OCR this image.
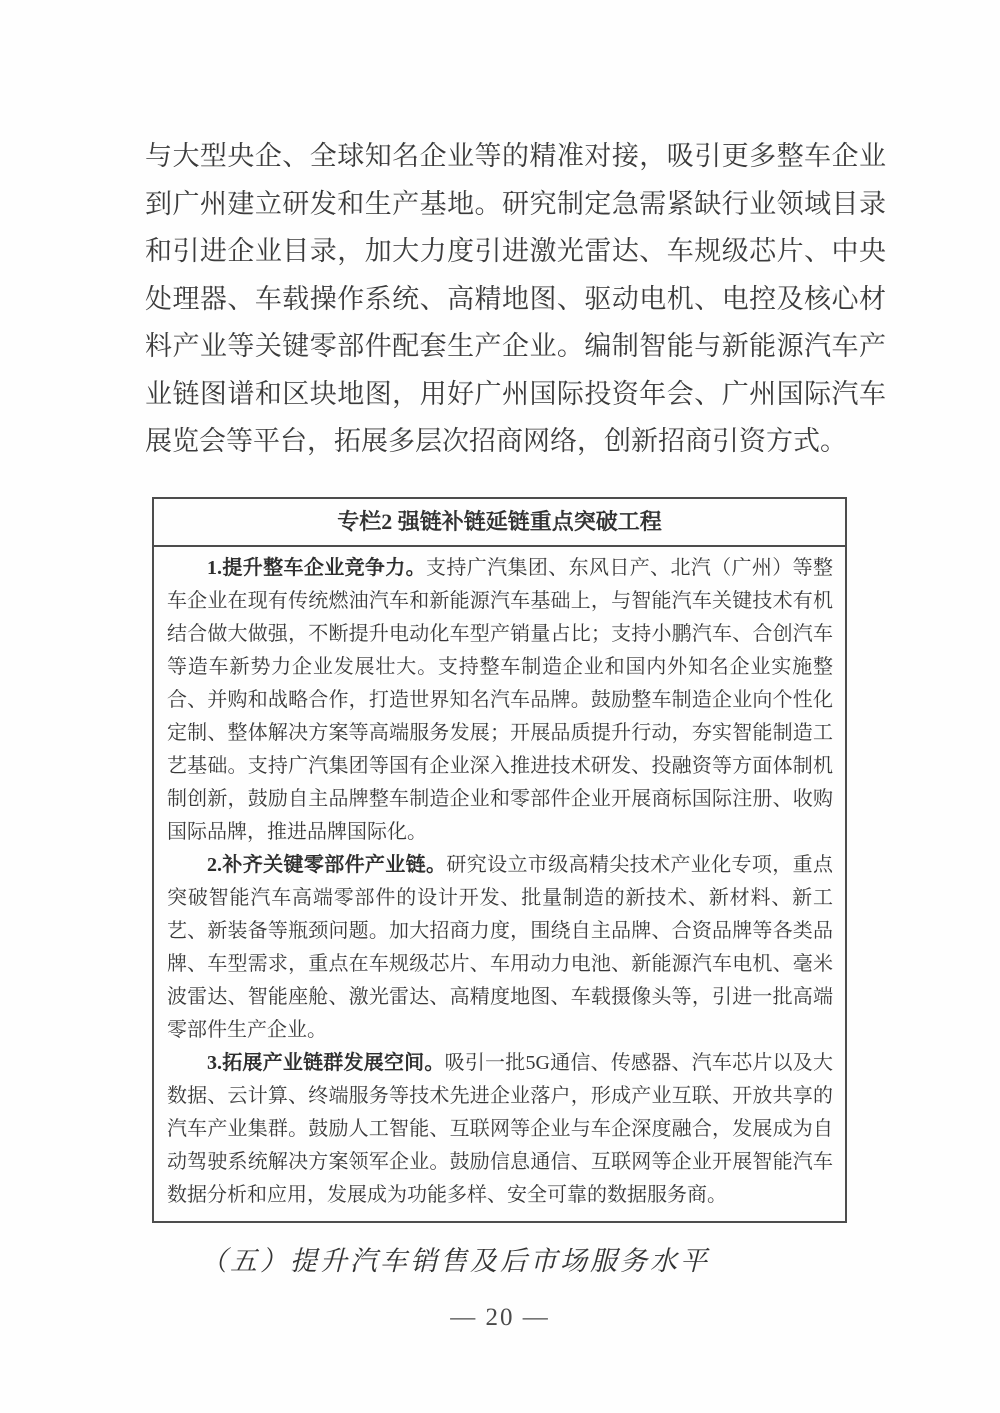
与大型央企、全球知名企业等的精准对接，吸引更多整车企业
到广州建立研发和生产基地。研究制定急需紧缺行业领域目录
和引进企业目录，加大力度引进激光雷达、车规级芯片、中央
处理器、车载操作系统、高精地图、驱动电机、电控及核心材
料产业等关键零部件配套生产企业。编制智能与新能源汽车产
业链图谱和区块地图，用好广州国际投资年会、广州国际汽车
展览会等平台，拓展多层次招商网络，创新招商引资方式。
专栏2 强链补链延链重点突破工程
1.提升整车企业竞争力。支持广汽集团、东风日产、北汽（广州）等整
车企业在现有传统燃油汽车和新能源汽车基础上，与智能汽车关键技术有机
结合做大做强，不断提升电动化车型产销量占比；支持小鹏汽车、合创汽车
等造车新势力企业发展壮大。支持整车制造企业和国内外知名企业实施整
合、并购和战略合作，打造世界知名汽车品牌。鼓励整车制造企业向个性化
定制、整体解决方案等高端服务发展；开展品质提升行动，夯实智能制造工
艺基础。支持广汽集团等国有企业深入推进技术研发、投融资等方面体制机
制创新，鼓励自主品牌整车制造企业和零部件企业开展商标国际注册、收购
国际品牌，推进品牌国际化。
2.补齐关键零部件产业链。研究设立市级高精尖技术产业化专项，重点
突破智能汽车高端零部件的设计开发、批量制造的新技术、新材料、新工
艺、新装备等瓶颈问题。加大招商力度，围绕自主品牌、合资品牌等各类品
牌、车型需求，重点在车规级芯片、车用动力电池、新能源汽车电机、毫米
波雷达、智能座舱、激光雷达、高精度地图、车载摄像头等，引进一批高端
零部件生产企业。
3.拓展产业链群发展空间。吸引一批5G通信、传感器、汽车芯片以及大
数据、云计算、终端服务等技术先进企业落户，形成产业互联、开放共享的
汽车产业集群。鼓励人工智能、互联网等企业与车企深度融合，发展成为自
动驾驶系统解决方案领军企业。鼓励信息通信、互联网等企业开展智能汽车
数据分析和应用，发展成为功能多样、安全可靠的数据服务商。
（五）提升汽车销售及后市场服务水平
— 20 —
